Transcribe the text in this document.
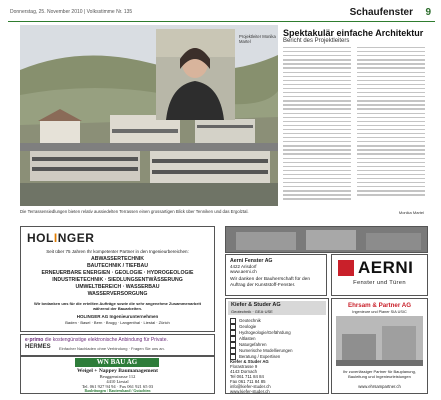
Donnerstag, 25. November 2010 | Volksstimme Nr. 135	Schaufenster 9
Die Terrassensiedlungen bieten relativ aussiedelten Terrassen einen grossartigen Blick über Tenniken und das Ergolztal.
Projektleiter Monika Martel
Spektakulär einfache Architektur
Bericht des Projektleiters
Monika Martel
HOLINGER
Seit über 75 Jahren Ihr kompetenter Partner in den Ingenieurbereichen:
ABWASSERTECHNIK
BAUTECHNIK / TIEFBAU
ERNEUERBARE ENERGIEN · GEOLOGIE · HYDROGEOLOGIE
INDUSTRIETECHNIK · SIEDLUNGSENTWÄSSERUNG
UMWELTBEREICH · WASSERBAU
WASSERVERSORGUNG
Wir bedanken uns für die erteilten Aufträge sowie die sehr angenehme Zusammenarbeit während der Bauarbeiten.
HOLINGER AG Ingenieurunternehmen
Baden · Basel · Bern · Brugg · Langenthal · Liestal · Zürich
e·primo die kostengünstige elektronische Anbindung für Private.
HERMES Einfacher Nachladen ohne Verbindung · Fragen Sie uns an.
WN BAU AG
Weigel + Nappey Baumanagement
Beuggenstrasse 112
4410 Liestal
Tel. 061 927 94 94 · Fax 061 921 65 03
Bauleitungen / Bautreuhand / Gutachten
Aerni Fenster AG
4422 Arisdorf
www.aerni.ch
Wir danken der Bauherrschaft für den Auftrag der Kunststoff-Fenster.
AERNI
Fenster und Türen
Kiefer & Studer AG
Geotechnik · GEA·USE
Geotechnik
Geologie
Hydrogeologie/Gefährdung
Altlasten
Naturgefahren
Numerische Modellierungen
Beratung / Expertisen
Kiefer & Studer AG
Florastrasse 9
4143 Dornach
Tel 061 711 84 84
Fax 061 711 84 85
info@kiefer-studer.ch
www.kiefer-studer.ch
Ehrsam & Partner AG
Ingenieure und Planer SIA USIC
Ihr zuverlässiger Partner für Bauplanung, Bauleitung und Ingenieurleistungen
www.ehrsampartner.ch
